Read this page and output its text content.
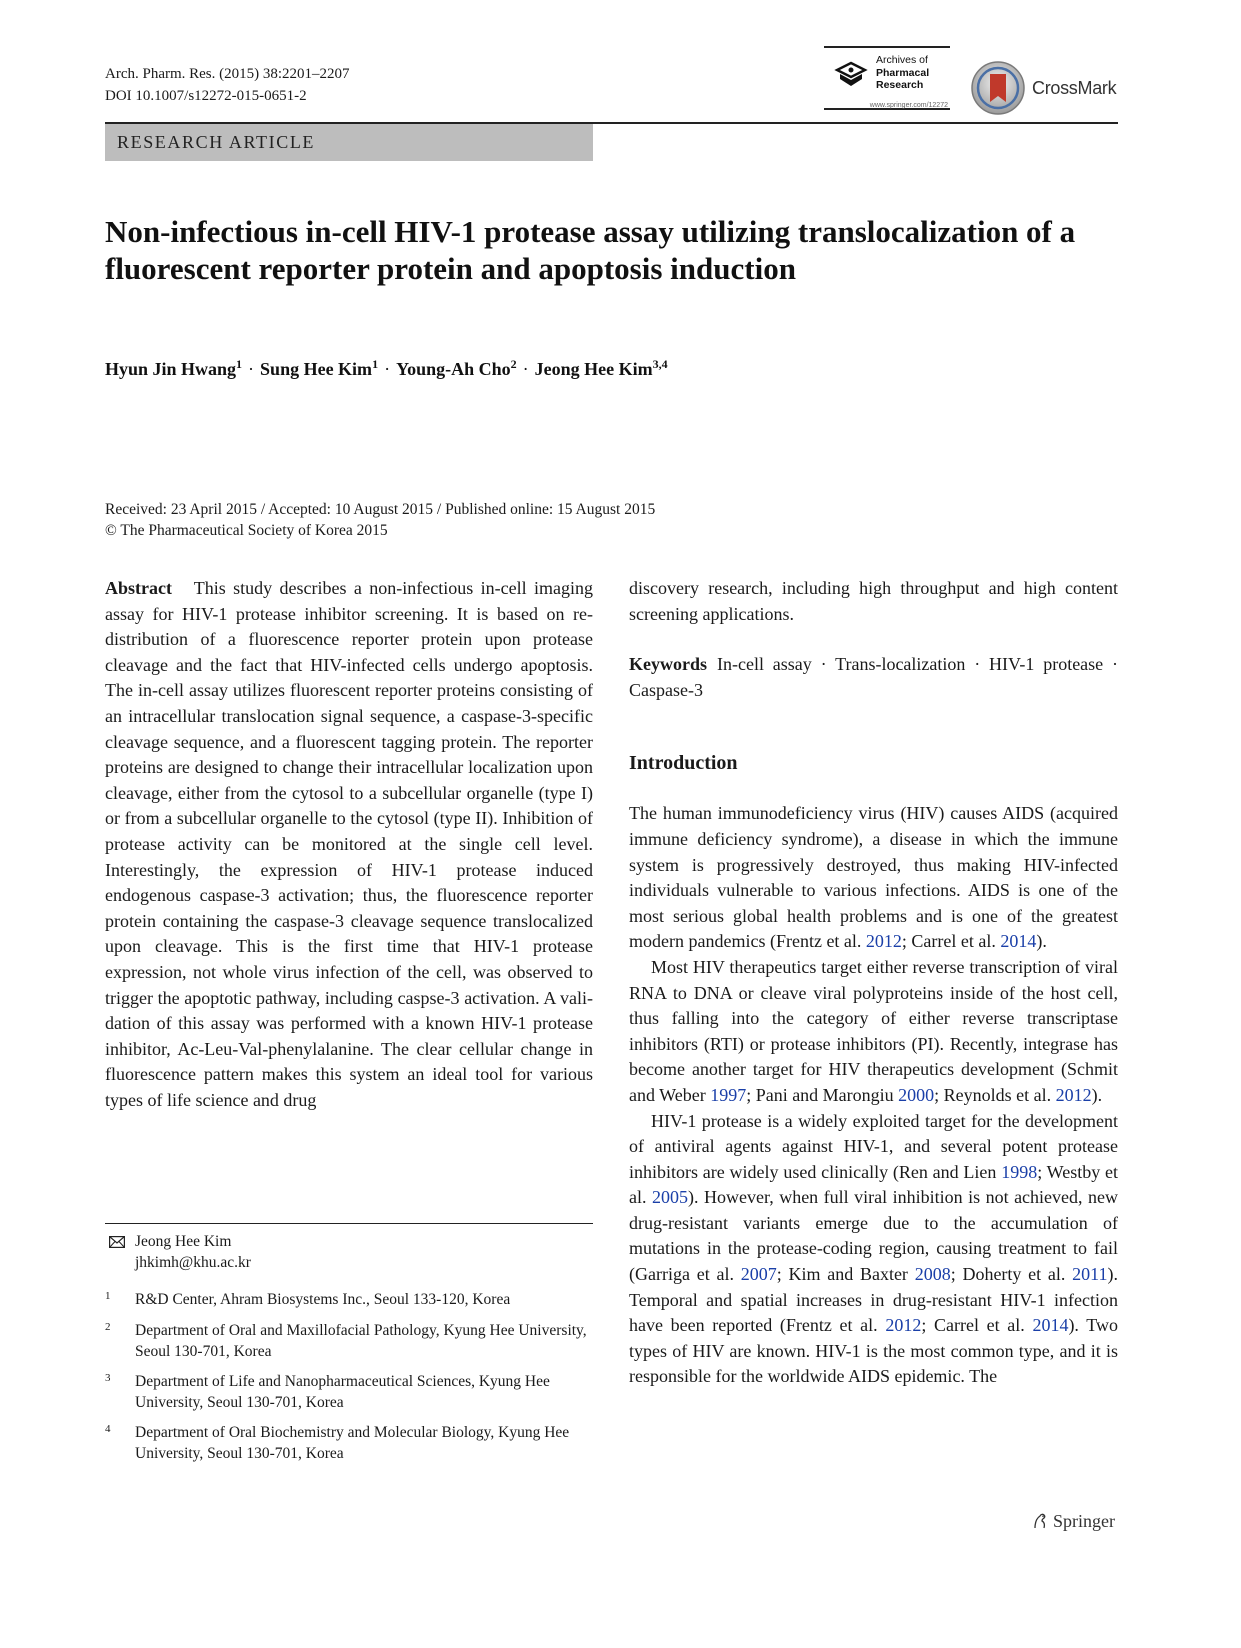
Arch. Pharm. Res. (2015) 38:2201–2207
DOI 10.1007/s12272-015-0651-2
Archives of
Pharmacal
Research
www.springer.com/12272
CrossMark
RESEARCH ARTICLE
Non-infectious in-cell HIV-1 protease assay utilizing translocalization of a fluorescent reporter protein and apoptosis induction
Hyun Jin Hwang$^1$ · Sung Hee Kim$^1$ · Young-Ah Cho$^2$ · Jeong Hee Kim$^{3,4}$
Received: 23 April 2015 / Accepted: 10 August 2015 / Published online: 15 August 2015
© The Pharmaceutical Society of Korea 2015

Abstract This study describes a non-infectious in-cell imaging assay for HIV-1 protease inhibitor screening. It is based on re-distribution of a fluorescence reporter protein upon protease cleavage and the fact that HIV-infected cells undergo apoptosis. The in-cell assay utilizes fluorescent reporter proteins consisting of an intracellular translocation signal sequence, a caspase-3-specific cleavage sequence, and a fluorescent tagging protein. The reporter proteins are designed to change their intracellular localization upon cleavage, either from the cytosol to a subcellular organelle (type I) or from a subcellular organelle to the cytosol (type II). Inhibition of protease activity can be monitored at the single cell level. Interestingly, the expression of HIV-1 protease induced endogenous caspase-3 activation; thus, the fluorescence reporter protein containing the caspase-3 cleavage sequence translocalized upon cleavage. This is the first time that HIV-1 protease expression, not whole virus infection of the cell, was observed to trigger the apoptotic pathway, including caspse-3 activation. A validation of this assay was performed with a known HIV-1 protease inhibitor, Ac-Leu-Val-phenylalanine. The clear cellular change in fluorescence pattern makes this system an ideal tool for various types of life science and drug

discovery research, including high throughput and high content screening applications.

Keywords In-cell assay · Trans-localization · HIV-1 protease · Caspase-3

Introduction

The human immunodeficiency virus (HIV) causes AIDS (acquired immune deficiency syndrome), a disease in which the immune system is progressively destroyed, thus making HIV-infected individuals vulnerable to various infections. AIDS is one of the most serious global health problems and is one of the greatest modern pandemics (Frentz et al. 2012; Carrel et al. 2014).

Most HIV therapeutics target either reverse transcription of viral RNA to DNA or cleave viral polyproteins inside of the host cell, thus falling into the category of either reverse transcriptase inhibitors (RTI) or protease inhibitors (PI). Recently, integrase has become another target for HIV therapeutics development (Schmit and Weber 1997; Pani and Marongiu 2000; Reynolds et al. 2012).

HIV-1 protease is a widely exploited target for the development of antiviral agents against HIV-1, and several potent protease inhibitors are widely used clinically (Ren and Lien 1998; Westby et al. 2005). However, when full viral inhibition is not achieved, new drug-resistant variants emerge due to the accumulation of mutations in the protease-coding region, causing treatment to fail (Garriga et al. 2007; Kim and Baxter 2008; Doherty et al. 2011). Temporal and spatial increases in drug-resistant HIV-1 infection have been reported (Frentz et al. 2012; Carrel et al. 2014). Two types of HIV are known. HIV-1 is the most common type, and it is responsible for the worldwide AIDS epidemic. The

Jeong Hee Kim
jhkimh@khu.ac.kr
1 R&D Center, Ahram Biosystems Inc., Seoul 133-120, Korea
2 Department of Oral and Maxillofacial Pathology, Kyung Hee University, Seoul 130-701, Korea
3 Department of Life and Nanopharmaceutical Sciences, Kyung Hee University, Seoul 130-701, Korea
4 Department of Oral Biochemistry and Molecular Biology, Kyung Hee University, Seoul 130-701, Korea
Springer
